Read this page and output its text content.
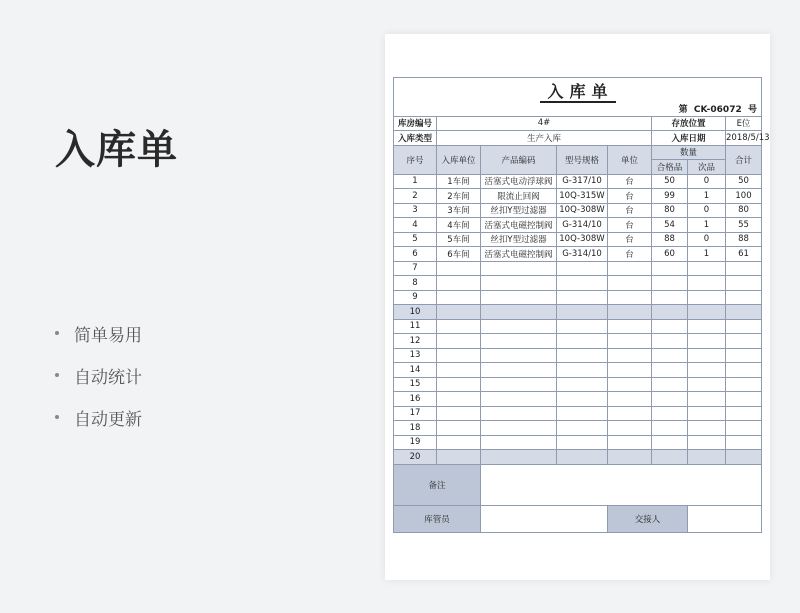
入库单
简单易用
自动统计
自动更新
入库单							
第 CK-06072 号							
库房编号	4#				存放位置		E位
入库类型	生产入库				入库日期		2018/5/13
序号	入库单位	产品编码	型号规格	单位	数量		合计
					合格品	次品	
1	1车间	活塞式电动浮球阀	G-317/10	台	50	0	50
2	2车间	限流止回阀	10Q-315W	台	99	1	100
3	3车间	丝扣Y型过滤器	10Q-308W	台	80	0	80
4	4车间	活塞式电磁控制阀	G-314/10	台	54	1	55
5	5车间	丝扣Y型过滤器	10Q-308W	台	88	0	88
6	6车间	活塞式电磁控制阀	G-314/10	台	60	1	61
7							
8							
9							
10							
11							
12							
13							
14							
15							
16							
17							
18							
19							
20							
备注							
库管员				交接人			
